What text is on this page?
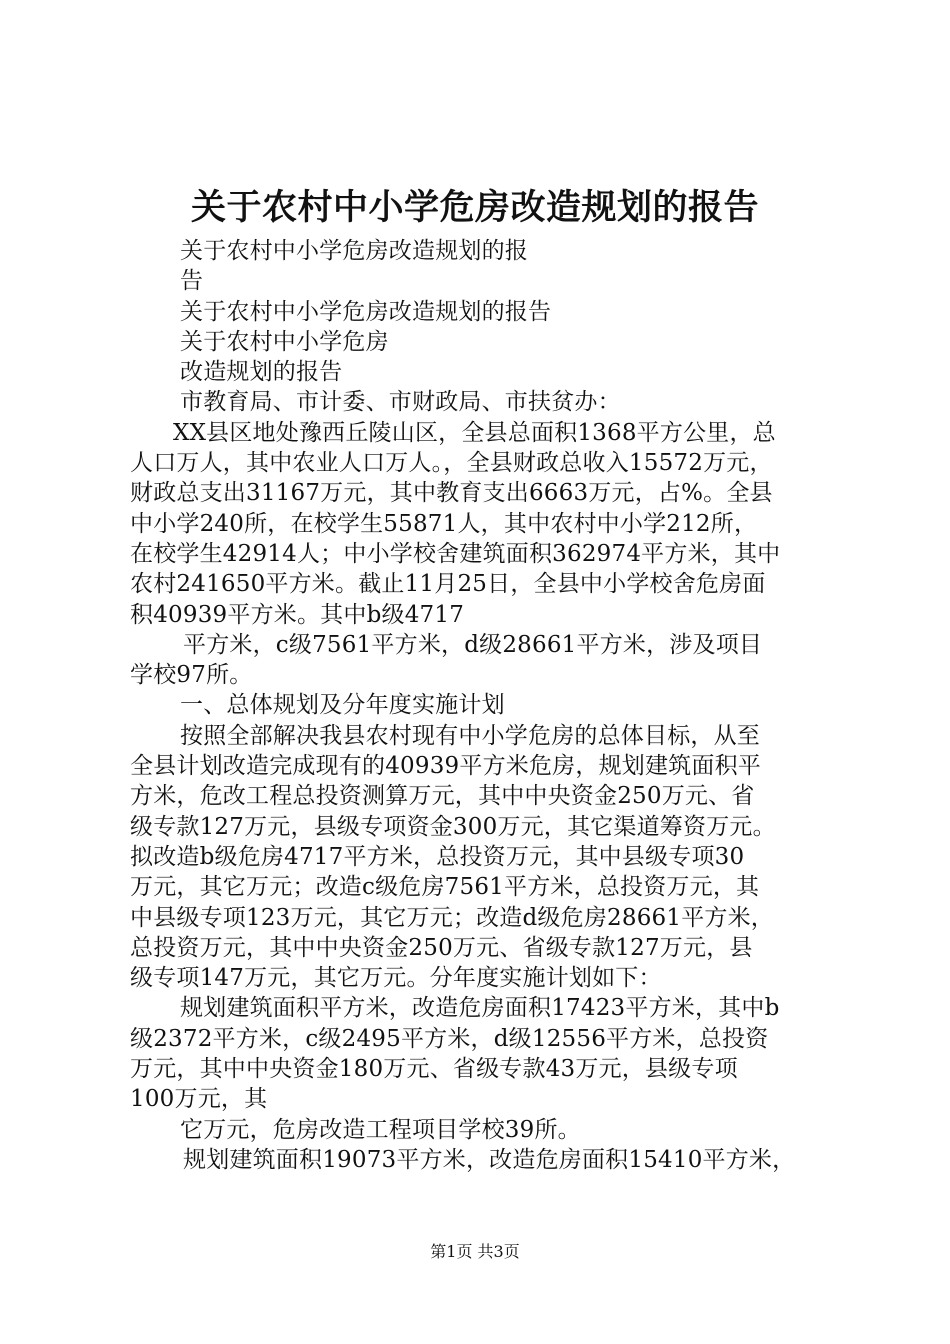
关于农村中小学危房改造规划的报告
关于农村中小学危房改造规划的报
告
关于农村中小学危房改造规划的报告
关于农村中小学危房
改造规划的报告
市教育局、市计委、市财政局、市扶贫办：
XX县区地处豫西丘陵山区，全县总面积1368平方公里，总
人口万人，其中农业人口万人。，全县财政总收入15572万元，
财政总支出31167万元，其中教育支出6663万元，占%。全县
中小学240所，在校学生55871人，其中农村中小学212所，
在校学生42914人；中小学校舍建筑面积362974平方米，其中
农村241650平方米。截止11月25日，全县中小学校舍危房面
积40939平方米。其中b级4717
平方米，c级7561平方米，d级28661平方米，涉及项目
学校97所。
一、总体规划及分年度实施计划
按照全部解决我县农村现有中小学危房的总体目标，从至
全县计划改造完成现有的40939平方米危房，规划建筑面积平
方米，危改工程总投资测算万元，其中中央资金250万元、省
级专款127万元，县级专项资金300万元，其它渠道筹资万元。
拟改造b级危房4717平方米，总投资万元，其中县级专项30
万元，其它万元；改造c级危房7561平方米，总投资万元，其
中县级专项123万元，其它万元；改造d级危房28661平方米，
总投资万元，其中中央资金250万元、省级专款127万元，县
级专项147万元，其它万元。分年度实施计划如下：
规划建筑面积平方米，改造危房面积17423平方米，其中b
级2372平方米，c级2495平方米，d级12556平方米，总投资
万元，其中中央资金180万元、省级专款43万元，县级专项
100万元，其
它万元，危房改造工程项目学校39所。
规划建筑面积19073平方米，改造危房面积15410平方米，
第1页 共3页
